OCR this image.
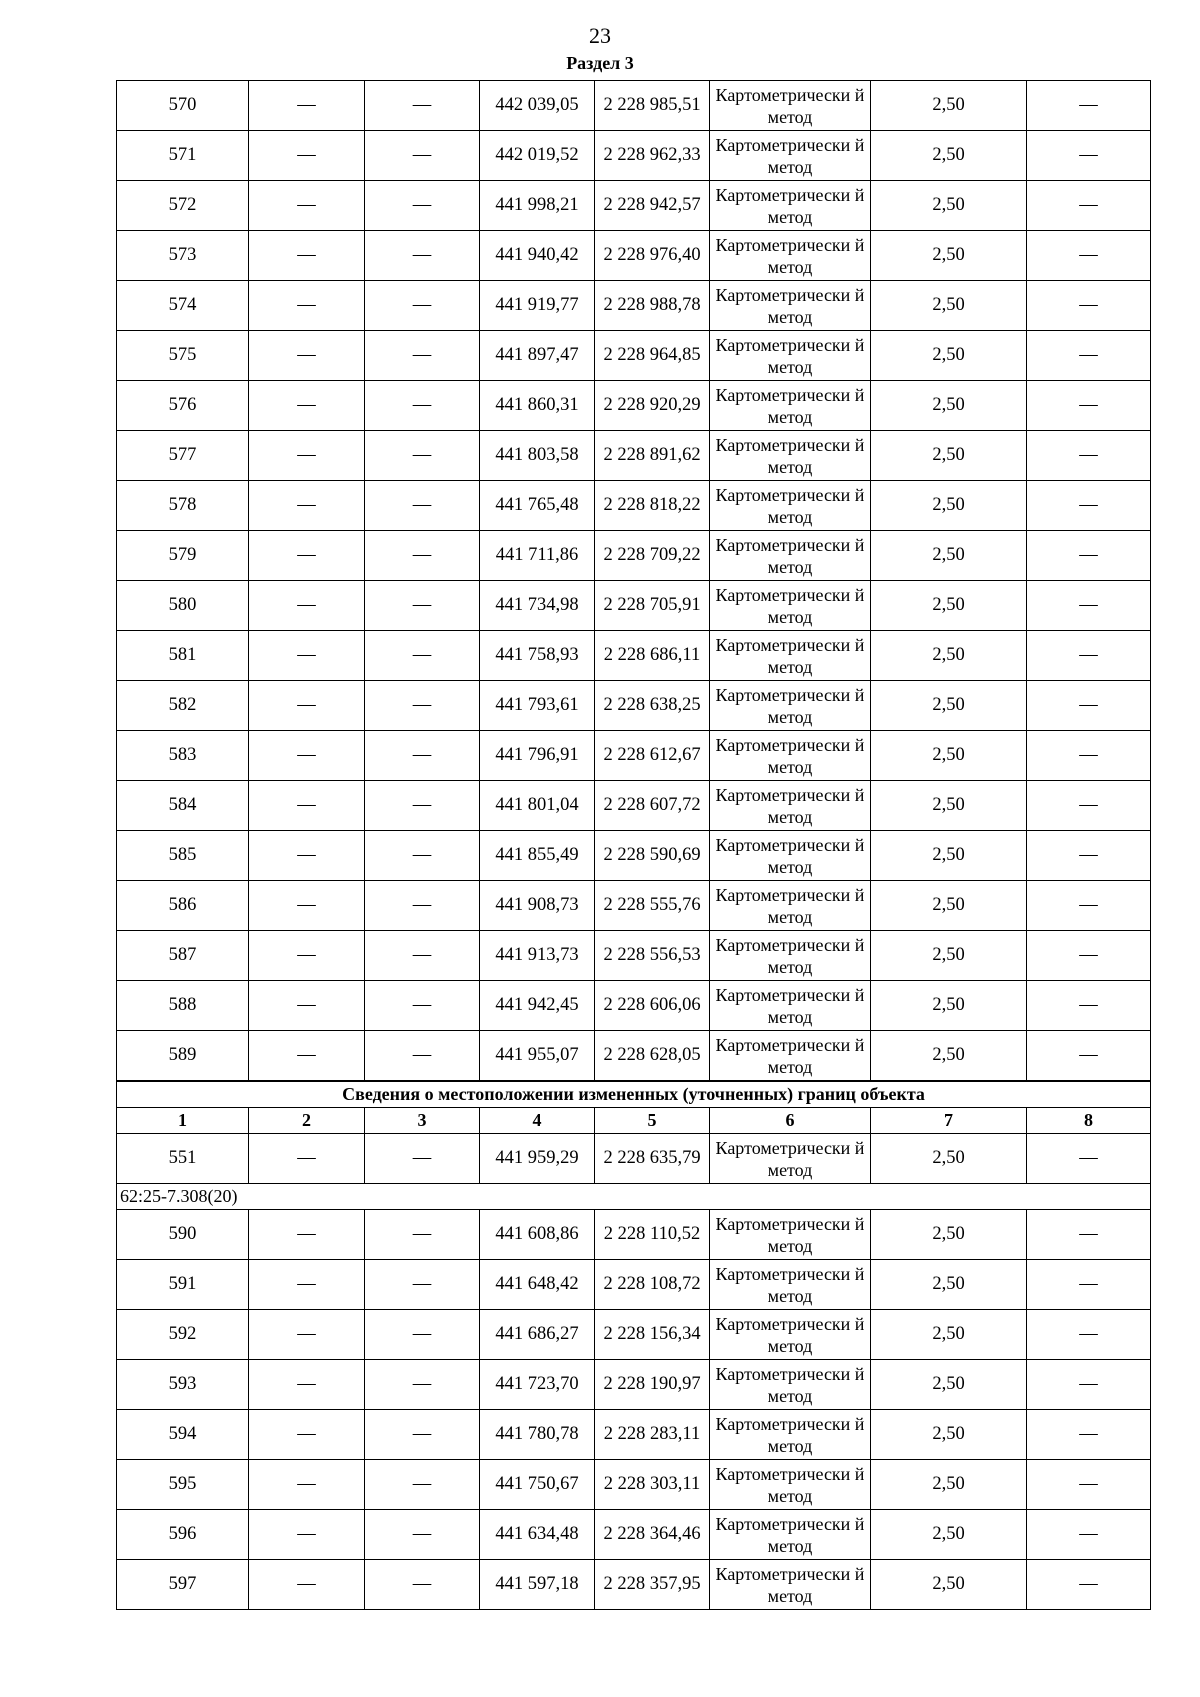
23
Раздел 3
570	—	—	442 039,05	2 228 985,51	Картометрически й метод	2,50	—
571	—	—	442 019,52	2 228 962,33	Картометрически й метод	2,50	—
572	—	—	441 998,21	2 228 942,57	Картометрически й метод	2,50	—
573	—	—	441 940,42	2 228 976,40	Картометрически й метод	2,50	—
574	—	—	441 919,77	2 228 988,78	Картометрически й метод	2,50	—
575	—	—	441 897,47	2 228 964,85	Картометрически й метод	2,50	—
576	—	—	441 860,31	2 228 920,29	Картометрически й метод	2,50	—
577	—	—	441 803,58	2 228 891,62	Картометрически й метод	2,50	—
578	—	—	441 765,48	2 228 818,22	Картометрически й метод	2,50	—
579	—	—	441 711,86	2 228 709,22	Картометрически й метод	2,50	—
580	—	—	441 734,98	2 228 705,91	Картометрически й метод	2,50	—
581	—	—	441 758,93	2 228 686,11	Картометрически й метод	2,50	—
582	—	—	441 793,61	2 228 638,25	Картометрически й метод	2,50	—
583	—	—	441 796,91	2 228 612,67	Картометрически й метод	2,50	—
584	—	—	441 801,04	2 228 607,72	Картометрически й метод	2,50	—
585	—	—	441 855,49	2 228 590,69	Картометрически й метод	2,50	—
586	—	—	441 908,73	2 228 555,76	Картометрически й метод	2,50	—
587	—	—	441 913,73	2 228 556,53	Картометрически й метод	2,50	—
588	—	—	441 942,45	2 228 606,06	Картометрически й метод	2,50	—
589	—	—	441 955,07	2 228 628,05	Картометрически й метод	2,50	—
Сведения о местоположении измененных (уточненных) границ объекта							
1	2	3	4	5	6	7	8
551	—	—	441 959,29	2 228 635,79	Картометрически й метод	2,50	—
62:25-7.308(20)							
590	—	—	441 608,86	2 228 110,52	Картометрически й метод	2,50	—
591	—	—	441 648,42	2 228 108,72	Картометрически й метод	2,50	—
592	—	—	441 686,27	2 228 156,34	Картометрически й метод	2,50	—
593	—	—	441 723,70	2 228 190,97	Картометрически й метод	2,50	—
594	—	—	441 780,78	2 228 283,11	Картометрически й метод	2,50	—
595	—	—	441 750,67	2 228 303,11	Картометрически й метод	2,50	—
596	—	—	441 634,48	2 228 364,46	Картометрически й метод	2,50	—
597	—	—	441 597,18	2 228 357,95	Картометрически й метод	2,50	—
